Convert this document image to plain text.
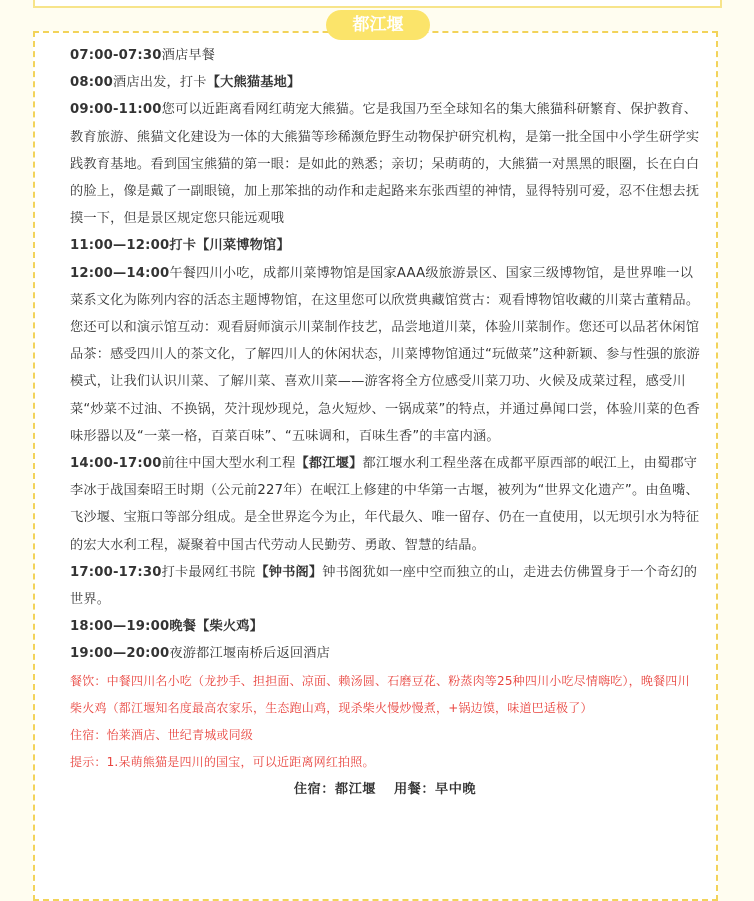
都江堰

07:00-07:30酒店早餐

08:00酒店出发，打卡【大熊猫基地】

09:00-11:00您可以近距离看网红萌宠大熊猫。它是我国乃至全球知名的集大熊猫科研繁育、保护教育、教育旅游、熊猫文化建设为一体的大熊猫等珍稀濒危野生动物保护研究机构，是第一批全国中小学生研学实践教育基地。看到国宝熊猫的第一眼：是如此的熟悉；亲切；呆萌萌的，大熊猫一对黑黑的眼圈，长在白白的脸上，像是戴了一副眼镜，加上那笨拙的动作和走起路来东张西望的神情，显得特别可爱，忍不住想去抚摸一下，但是景区规定您只能远观哦

11:00—12:00打卡【川菜博物馆】

12:00—14:00午餐四川小吃，成都川菜博物馆是国家AAA级旅游景区、国家三级博物馆，是世界唯一以菜系文化为陈列内容的活态主题博物馆，在这里您可以欣赏典藏馆赏古：观看博物馆收藏的川菜古董精品。您还可以和演示馆互动：观看厨师演示川菜制作技艺，品尝地道川菜，体验川菜制作。您还可以品茗休闲馆品茶：感受四川人的茶文化，了解四川人的休闲状态，川菜博物馆通过“玩做菜”这种新颖、参与性强的旅游模式，让我们认识川菜、了解川菜、喜欢川菜——游客将全方位感受川菜刀功、火候及成菜过程，感受川菜“炒菜不过油、不换锅，芡汁现炒现兑，急火短炒、一锅成菜”的特点，并通过鼻闻口尝，体验川菜的色香味形器以及“一菜一格，百菜百味”、“五味调和，百味生香”的丰富内涵。

14:00-17:00前往中国大型水利工程【都江堰】都江堰水利工程坐落在成都平原西部的岷江上，由蜀郡守李冰于战国秦昭王时期（公元前227年）在岷江上修建的中华第一古堰，被列为“世界文化遗产”。由鱼嘴、飞沙堰、宝瓶口等部分组成。是全世界迄今为止，年代最久、唯一留存、仍在一直使用，以无坝引水为特征的宏大水利工程，凝聚着中国古代劳动人民勤劳、勇敢、智慧的结晶。

17:00-17:30打卡最网红书院【钟书阁】钟书阁犹如一座中空而独立的山，走进去仿佛置身于一个奇幻的世界。

18:00—19:00晚餐【柴火鸡】

19:00—20:00夜游都江堰南桥后返回酒店

餐饮：中餐四川名小吃（龙抄手、担担面、凉面、赖汤圆、石磨豆花、粉蒸肉等25种四川小吃尽情嗨吃），晚餐四川柴火鸡（都江堰知名度最高农家乐，生态跑山鸡，现杀柴火慢炒慢煮，+锅边馍，味道巴适极了）

住宿：怡莱酒店、世纪青城或同级

提示：1.呆萌熊猫是四川的国宝，可以近距离网红拍照。

住宿：都江堰 用餐：早中晚
